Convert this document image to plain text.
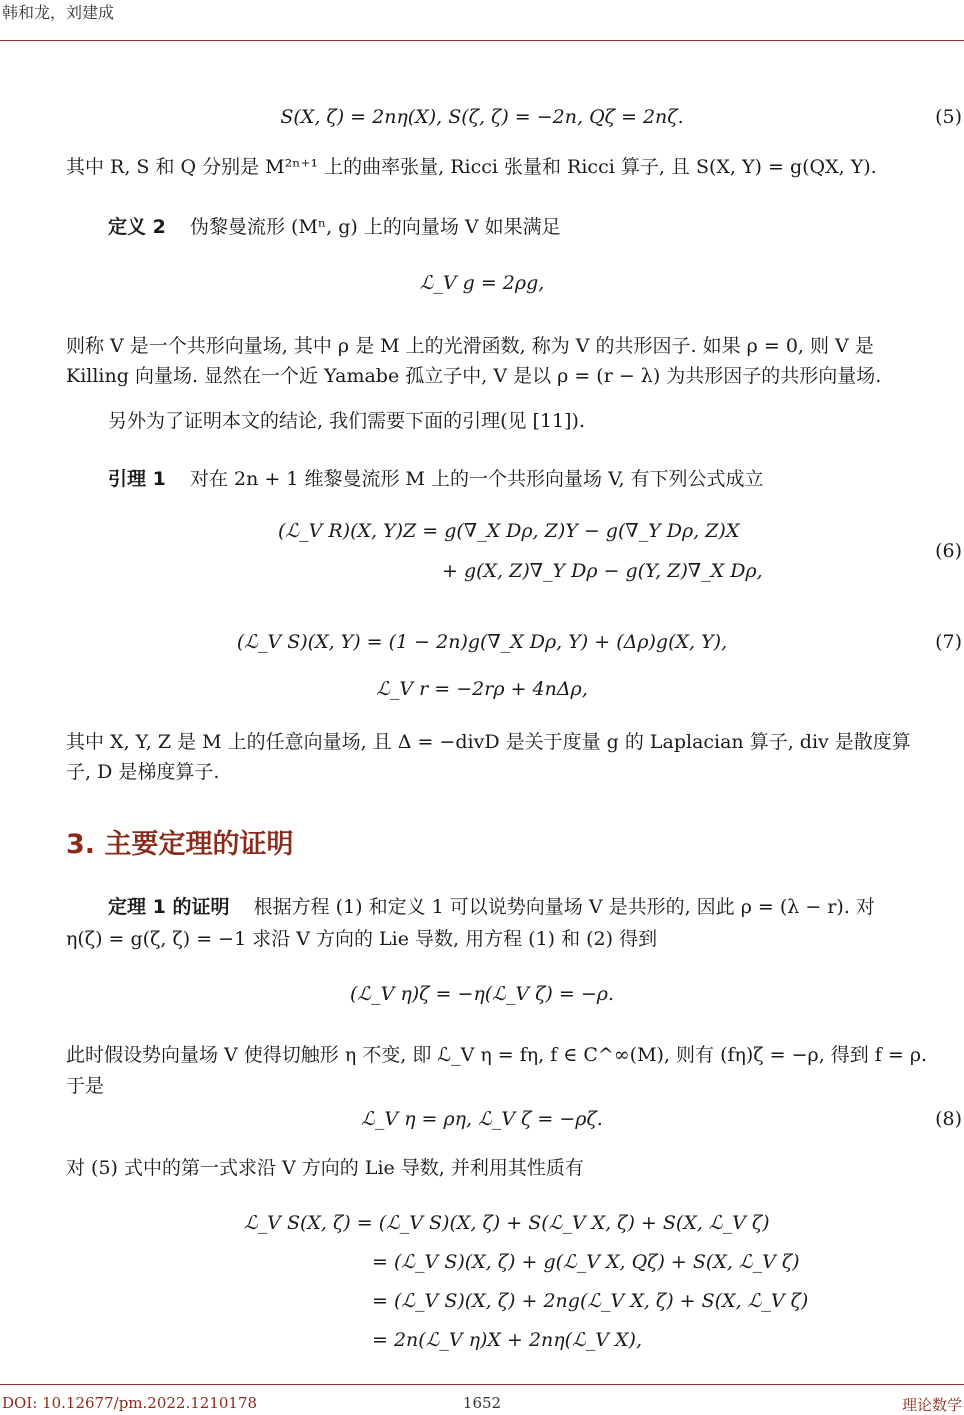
韩和龙，刘建成
S(X, ζ) = 2nη(X), S(ζ, ζ) = −2n, Qζ = 2nζ.	(5)
其中 R, S 和 Q 分别是 M²ⁿ⁺¹ 上的曲率张量, Ricci 张量和 Ricci 算子, 且 S(X, Y) = g(QX, Y).
定义 2 伪黎曼流形 (Mⁿ, g) 上的向量场 V 如果满足
ℒ_V g = 2ρg,
则称 V 是一个共形向量场, 其中 ρ 是 M 上的光滑函数, 称为 V 的共形因子. 如果 ρ = 0, 则 V 是
Killing 向量场. 显然在一个近 Yamabe 孤立子中, V 是以 ρ = (r − λ) 为共形因子的共形向量场.
另外为了证明本文的结论, 我们需要下面的引理(见 [11]).
引理 1 对在 2n + 1 维黎曼流形 M 上的一个共形向量场 V, 有下列公式成立
(ℒ_V R)(X, Y)Z = g(∇_X Dρ, Z)Y − g(∇_Y Dρ, Z)X
+ g(X, Z)∇_Y Dρ − g(Y, Z)∇_X Dρ,
(6)
(ℒ_V S)(X, Y) = (1 − 2n)g(∇_X Dρ, Y) + (Δρ)g(X, Y),	(7)
ℒ_V r = −2rρ + 4nΔρ,
其中 X, Y, Z 是 M 上的任意向量场, 且 Δ = −divD 是关于度量 g 的 Laplacian 算子, div 是散度算
子, D 是梯度算子.
3. 主要定理的证明
定理 1 的证明 根据方程 (1) 和定义 1 可以说势向量场 V 是共形的, 因此 ρ = (λ − r). 对
η(ζ) = g(ζ, ζ) = −1 求沿 V 方向的 Lie 导数, 用方程 (1) 和 (2) 得到
(ℒ_V η)ζ = −η(ℒ_V ζ) = −ρ.
此时假设势向量场 V 使得切触形 η 不变, 即 ℒ_V η = fη, f ∈ C^∞(M), 则有 (fη)ζ = −ρ, 得到 f = ρ.
于是
ℒ_V η = ρη, ℒ_V ζ = −ρζ.	(8)
对 (5) 式中的第一式求沿 V 方向的 Lie 导数, 并利用其性质有
ℒ_V S(X, ζ) = (ℒ_V S)(X, ζ) + S(ℒ_V X, ζ) + S(X, ℒ_V ζ)
= (ℒ_V S)(X, ζ) + g(ℒ_V X, Qζ) + S(X, ℒ_V ζ)
= (ℒ_V S)(X, ζ) + 2ng(ℒ_V X, ζ) + S(X, ℒ_V ζ)
= 2n(ℒ_V η)X + 2nη(ℒ_V X),
DOI: 10.12677/pm.2022.1210178	1652	理论数学
